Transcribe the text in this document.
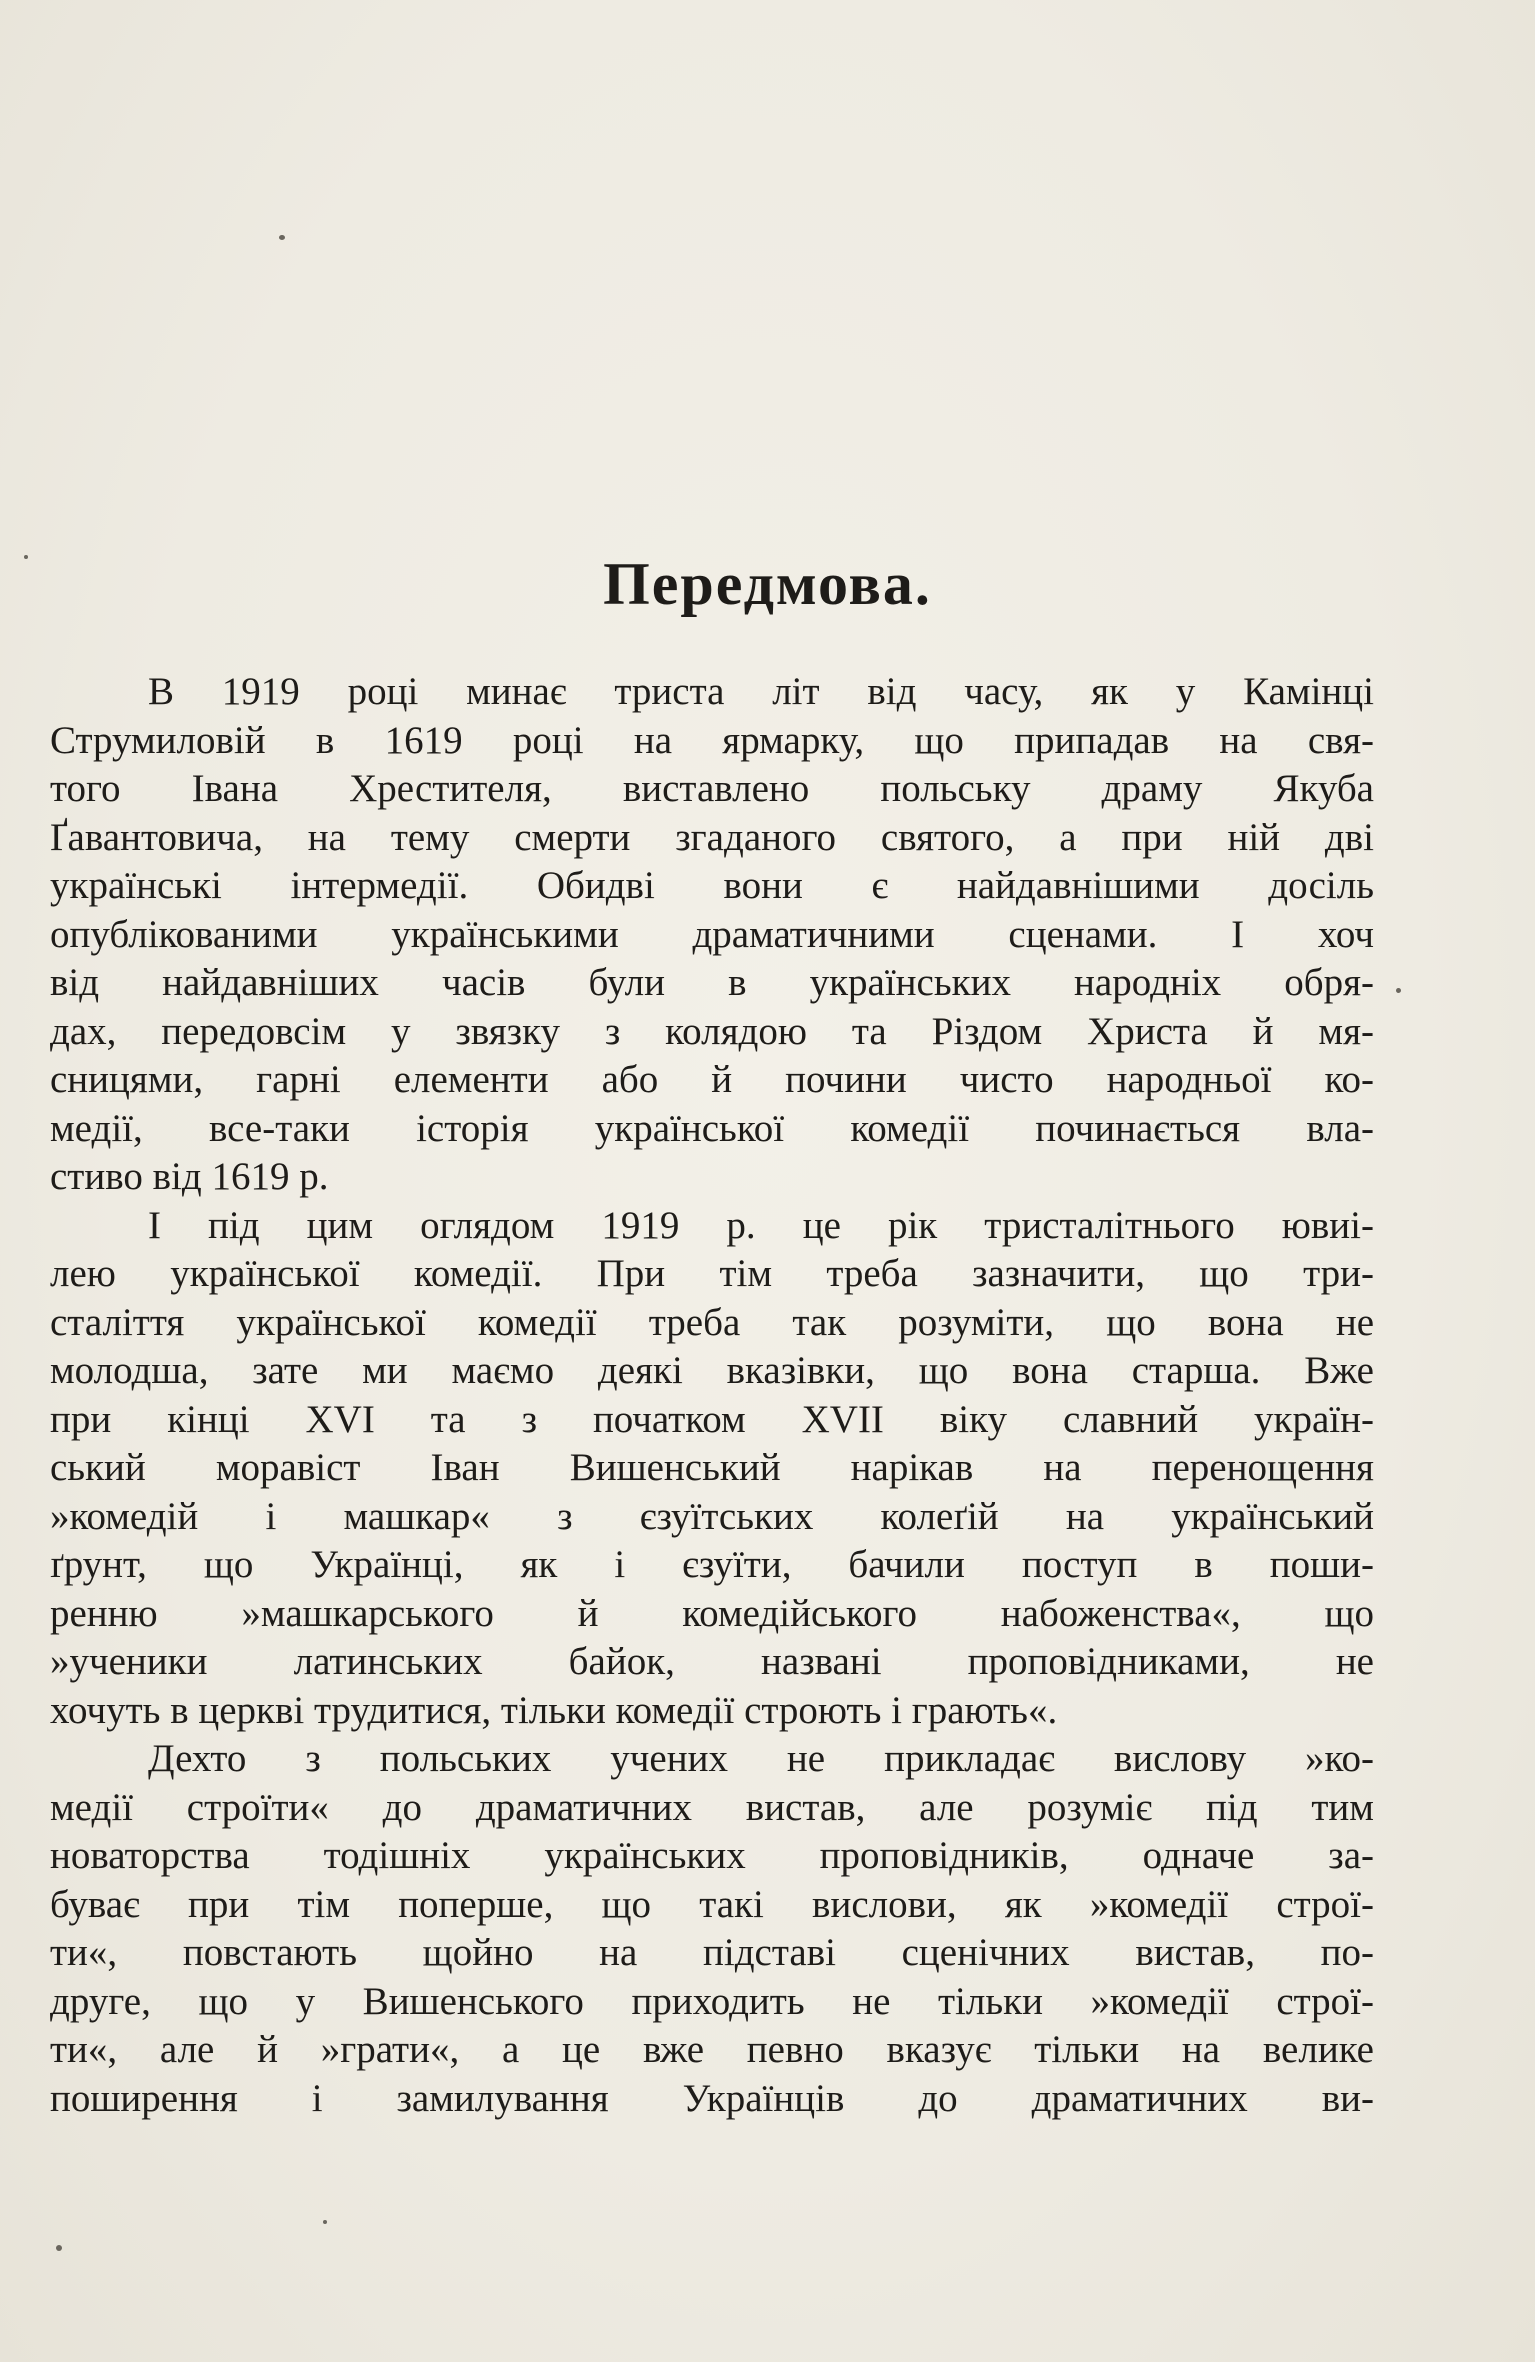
Передмова.
В 1919 році минає триста літ від часу, як у Камінці
Струмиловій в 1619 році на ярмарку, що припадав на свя-
того Івана Хрестителя, виставлено польську драму Якуба
Ґавантовича, на тему смерти згаданого святого, а при ній дві
українські інтермедії. Обидві вони є найдавнішими досіль
опублікованими українськими драматичними сценами. І хоч
від найдавніших часів були в українських народніх обря-
дах, передовсім у звязку з колядою та Різдом Христа й мя-
сницями, гарні елементи або й почини чисто народньої ко-
медії, все-таки історія української комедії починається вла-
стиво від 1619 р.
І під цим оглядом 1919 р. це рік тристалітнього ювиі-
лею української комедії. При тім треба зазначити, що три-
сталіття української комедії треба так розуміти, що вона не
молодша, зате ми маємо деякі вказівки, що вона старша. Вже
при кінці XVI та з початком XVII віку славний україн-
ський моравіст Іван Вишенський нарікав на перенощення
»комедій і машкар« з єзуїтських колеґій на український
ґрунт, що Українці, як і єзуїти, бачили поступ в поши-
ренню »машкарського й комедійського набоженства«, що
»ученики латинських байок, названі проповідниками, не
хочуть в церкві трудитися, тільки комедії строють і грають«.
Дехто з польських учених не прикладає вислову »ко-
медії строїти« до драматичних вистав, але розуміє під тим
новаторства тодішніх українських проповідників, одначе за-
буває при тім поперше, що такі вислови, як »комедії строї-
ти«, повстають щойно на підставі сценічних вистав, по-
друге, що у Вишенського приходить не тільки »комедії строї-
ти«, але й »грати«, а це вже певно вказує тільки на велике
поширення і замилування Українців до драматичних ви-
